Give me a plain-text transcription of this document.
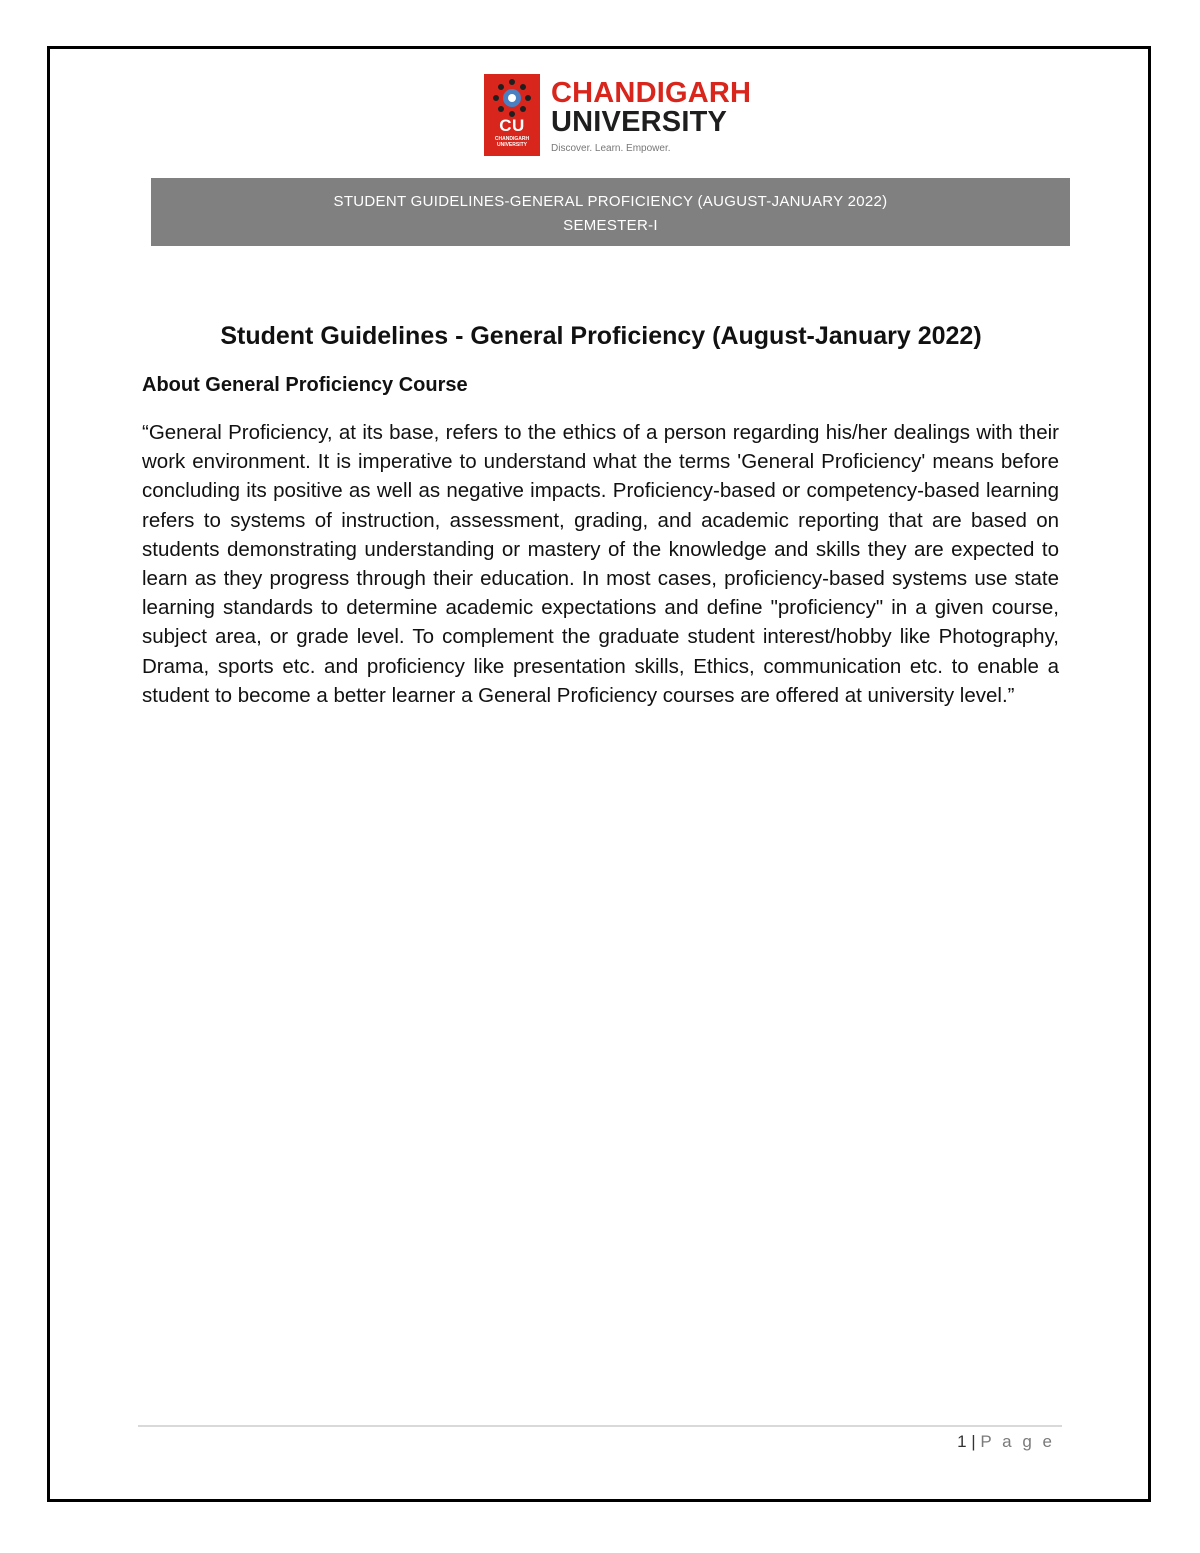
CU
CHANDIGARH UNIVERSITY
CHANDIGARH
UNIVERSITY
Discover. Learn. Empower.
STUDENT GUIDELINES-GENERAL PROFICIENCY (AUGUST-JANUARY 2022)
SEMESTER-I
Student Guidelines - General Proficiency (August-January 2022)
About General Proficiency Course

“General Proficiency, at its base, refers to the ethics of a person regarding his/her dealings with their work environment. It is imperative to understand what the terms 'General Proficiency' means before concluding its positive as well as negative impacts. Proficiency-based or competency-based learning refers to systems of instruction, assessment, grading, and academic reporting that are based on students demonstrating understanding or mastery of the knowledge and skills they are expected to learn as they progress through their education. In most cases, proficiency-based systems use state learning standards to determine academic expectations and define "proficiency" in a given course, subject area, or grade level. To complement the graduate student interest/hobby like Photography, Drama, sports etc. and proficiency like presentation skills, Ethics, communication etc. to enable a student to become a better learner a General Proficiency courses are offered at university level.”

1 | P a g e
